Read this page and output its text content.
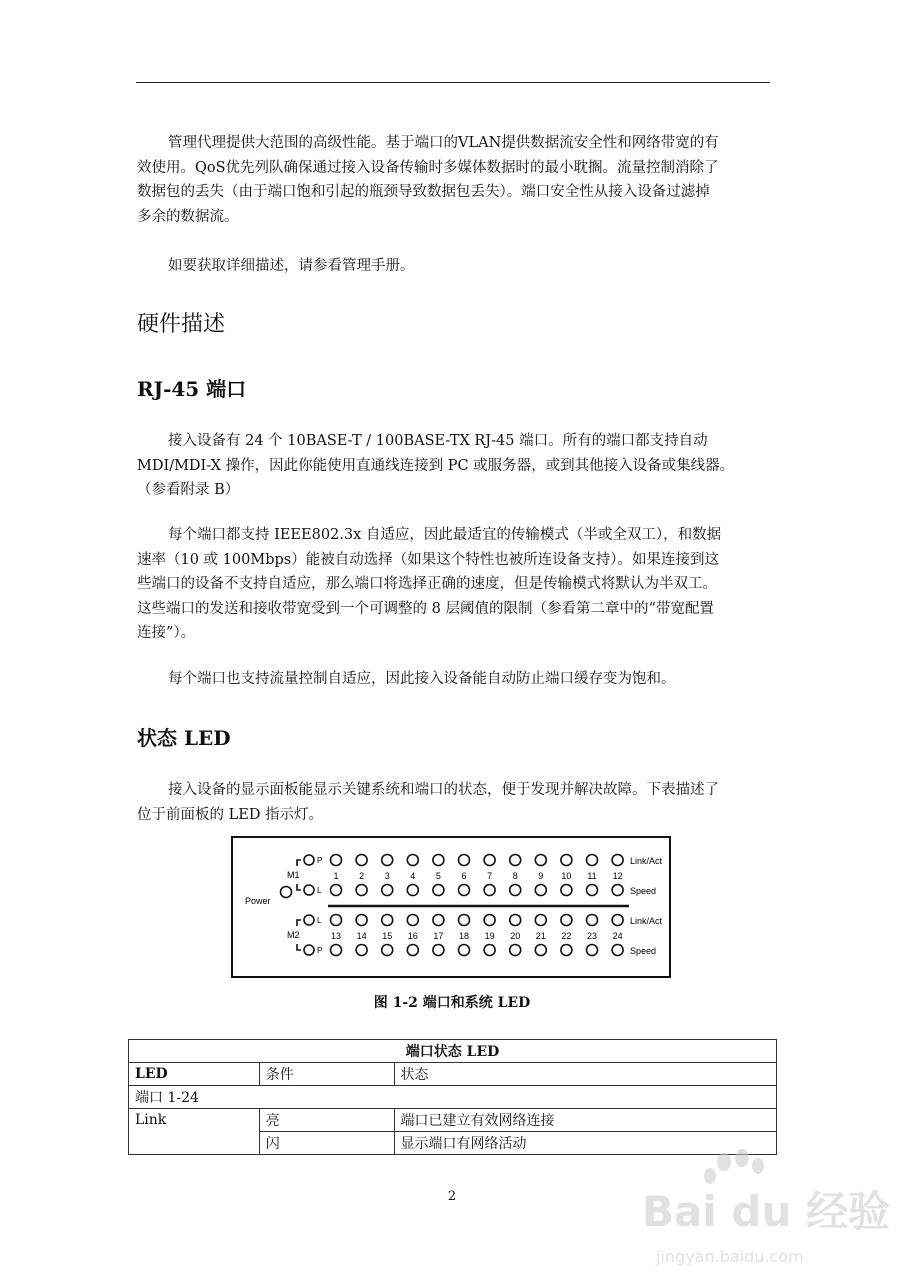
管理代理提供大范围的高级性能。基于端口的VLAN提供数据流安全性和网络带宽的有
效使用。QoS优先列队确保通过接入设备传输时多媒体数据时的最小耽搁。流量控制消除了
数据包的丢失（由于端口饱和引起的瓶颈导致数据包丢失）。端口安全性从接入设备过滤掉
多余的数据流。
如要获取详细描述，请参看管理手册。
硬件描述
RJ-45 端口
接入设备有 24 个 10BASE-T / 100BASE-TX RJ-45 端口。所有的端口都支持自动
MDI/MDI-X 操作，因此你能使用直通线连接到 PC 或服务器，或到其他接入设备或集线器。
（参看附录 B）
每个端口都支持 IEEE802.3x 自适应，因此最适宜的传输模式（半或全双工），和数据
速率（10 或 100Mbps）能被自动选择（如果这个特性也被所连设备支持）。如果连接到这
些端口的设备不支持自适应，那么端口将选择正确的速度，但是传输模式将默认为半双工。
这些端口的发送和接收带宽受到一个可调整的 8 层阈值的限制（参看第二章中的“带宽配置
连接”）。
每个端口也支持流量控制自适应，因此接入设备能自动防止端口缓存变为饱和。
状态 LED
接入设备的显示面板能显示关键系统和端口的状态，便于发现并解决故障。下表描述了
位于前面板的 LED 指示灯。
Power
M1
M2
P
L
L
P
1
13
2
14
3
15
4
16
5
17
6
18
7
19
8
20
9
21
10
22
11
23
12
24
Link/Act
Speed
Link/Act
Speed
图 1-2 端口和系统 LED
端口状态 LED		
LED	条件	状态
端口 1-24		
Link	亮	端口已建立有效网络连接
	闪	显示端口有网络活动
2	Bai du 经验
jingyan.baidu.com
